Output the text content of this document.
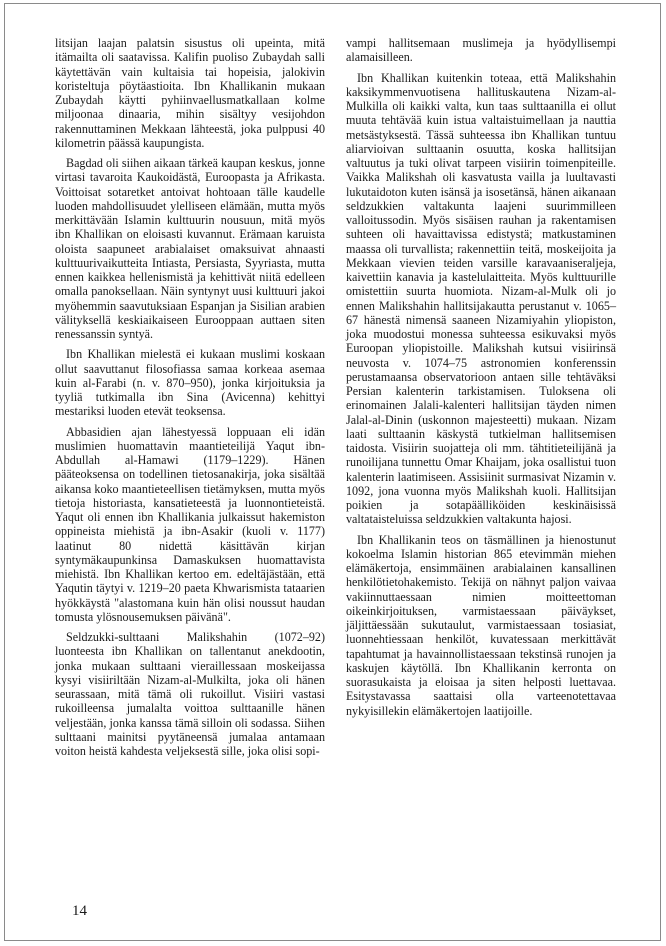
litsijan laajan palatsin sisustus oli upeinta, mitä itämailta oli saatavissa. Kalifin puoliso Zubaydah salli käytettävän vain kultaisia tai hopeisia, jalokivin koristeltuja pöytäastioita. Ibn Khallikanin mukaan Zubaydah käytti pyhiinvaellusmatkallaan kolme miljoonaa dinaaria, mihin sisältyy vesijohdon rakennuttaminen Mekkaan lähteestä, joka pulppusi 40 kilometrin päässä kaupungista.

Bagdad oli siihen aikaan tärkeä kaupan keskus, jonne virtasi tavaroita Kaukoidästä, Euroopasta ja Afrikasta. Voittoisat sotaretket antoivat hohtoaan tälle kaudelle luoden mahdollisuudet ylelliseen elämään, mutta myös merkittävään Islamin kulttuurin nousuun, mitä myös ibn Khallikan on eloisasti kuvannut. Erämaan karuista oloista saapuneet arabialaiset omaksuivat ahnaasti kulttuurivaikutteita Intiasta, Persiasta, Syyriasta, mutta ennen kaikkea hellenismistä ja kehittivät niitä edelleen omalla panoksellaan. Näin syntynyt uusi kulttuuri jakoi myöhemmin saavutuksiaan Espanjan ja Sisilian arabien välityksellä keskiaikaiseen Eurooppaan auttaen siten renessanssin syntyä.

Ibn Khallikan mielestä ei kukaan muslimi koskaan ollut saavuttanut filosofiassa samaa korkeaa asemaa kuin al-Farabi (n. v. 870–950), jonka kirjoituksia ja tyyliä tutkimalla ibn Sina (Avicenna) kehittyi mestariksi luoden etevät teoksensa.

Abbasidien ajan lähestyessä loppuaan eli idän muslimien huomattavin maantieteilijä Yaqut ibn-Abdullah al-Hamawi (1179–1229). Hänen pääteoksensa on todellinen tietosanakirja, joka sisältää aikansa koko maantieteellisen tietämyksen, mutta myös tietoja historiasta, kansatieteestä ja luonnontieteistä. Yaqut oli ennen ibn Khallikania julkaissut hakemiston oppineista miehistä ja ibn-Asakir (kuoli v. 1177) laatinut 80 nidettä käsittävän kirjan syntymäkaupunkinsa Damaskuksen huomattavista miehistä. Ibn Khallikan kertoo em. edeltäjästään, että Yaqutin täytyi v. 1219–20 paeta Khwarismista tataarien hyökkäystä "alastomana kuin hän olisi noussut haudan tomusta ylösnousemuksen päivänä".

Seldzukki-sulttaani Malikshahin (1072–92) luonteesta ibn Khallikan on tallentanut anekdootin, jonka mukaan sulttaani vieraillessaan moskeijassa kysyi visiiriltään Nizam-al-Mulkilta, joka oli hänen seurassaan, mitä tämä oli rukoillut. Visiiri vastasi rukoilleensa jumalalta voittoa sulttaanille hänen veljestään, jonka kanssa tämä silloin oli sodassa. Siihen sulttaani mainitsi pyytäneensä jumalaa antamaan voiton heistä kahdesta veljeksestä sille, joka olisi sopi-

vampi hallitsemaan muslimeja ja hyödyllisempi alamaisilleen.

Ibn Khallikan kuitenkin toteaa, että Malikshahin kaksikymmenvuotisena hallituskautena Nizam-al-Mulkilla oli kaikki valta, kun taas sulttaanilla ei ollut muuta tehtävää kuin istua valtaistuimellaan ja nauttia metsästyksestä. Tässä suhteessa ibn Khallikan tuntuu aliarvioivan sulttaanin osuutta, koska hallitsijan valtuutus ja tuki olivat tarpeen visiirin toimenpiteille. Vaikka Malikshah oli kasvatusta vailla ja luultavasti lukutaidoton kuten isänsä ja isosetänsä, hänen aikanaan seldzukkien valtakunta laajeni suurimmilleen valloitussodin. Myös sisäisen rauhan ja rakentamisen suhteen oli havaittavissa edistystä; matkustaminen maassa oli turvallista; rakennettiin teitä, moskeijoita ja Mekkaan vievien teiden varsille karavaaniseraljeja, kaivettiin kanavia ja kastelulaitteita. Myös kulttuurille omistettiin suurta huomiota. Nizam-al-Mulk oli jo ennen Malikshahin hallitsijakautta perustanut v. 1065–67 hänestä nimensä saaneen Nizamiyahin yliopiston, joka muodostui monessa suhteessa esikuvaksi myös Euroopan yliopistoille. Malikshah kutsui visiirinsä neuvosta v. 1074–75 astronomien konferenssin perustamaansa observatorioon antaen sille tehtäväksi Persian kalenterin tarkistamisen. Tuloksena oli erinomainen Jalali-kalenteri hallitsijan täyden nimen Jalal-al-Dinin (uskonnon majesteetti) mukaan. Nizam laati sulttaanin käskystä tutkielman hallitsemisen taidosta. Visiirin suojatteja oli mm. tähtitieteilijänä ja runoilijana tunnettu Omar Khaijam, joka osallistui tuon kalenterin laatimiseen. Assisiinit surmasivat Nizamin v. 1092, jona vuonna myös Malikshah kuoli. Hallitsijan poikien ja sotapäälliköiden keskinäisissä valtataisteluissa seldzukkien valtakunta hajosi.

Ibn Khallikanin teos on täsmällinen ja hienostunut kokoelma Islamin historian 865 etevimmän miehen elämäkertoja, ensimmäinen arabialainen kansallinen henkilötietohakemisto. Tekijä on nähnyt paljon vaivaa vakiinnuttaessaan nimien moitteettoman oikeinkirjoituksen, varmistaessaan päiväykset, jäljittäessään sukutaulut, varmistaessaan tosiasiat, luonnehtiessaan henkilöt, kuvatessaan merkittävät tapahtumat ja havainnollistaessaan tekstinsä runojen ja kaskujen käytöllä. Ibn Khallikanin kerronta on suorasukaista ja eloisaa ja siten helposti luettavaa. Esitystavassa saattaisi olla varteenotettavaa nykyisillekin elämäkertojen laatijoille.

14
